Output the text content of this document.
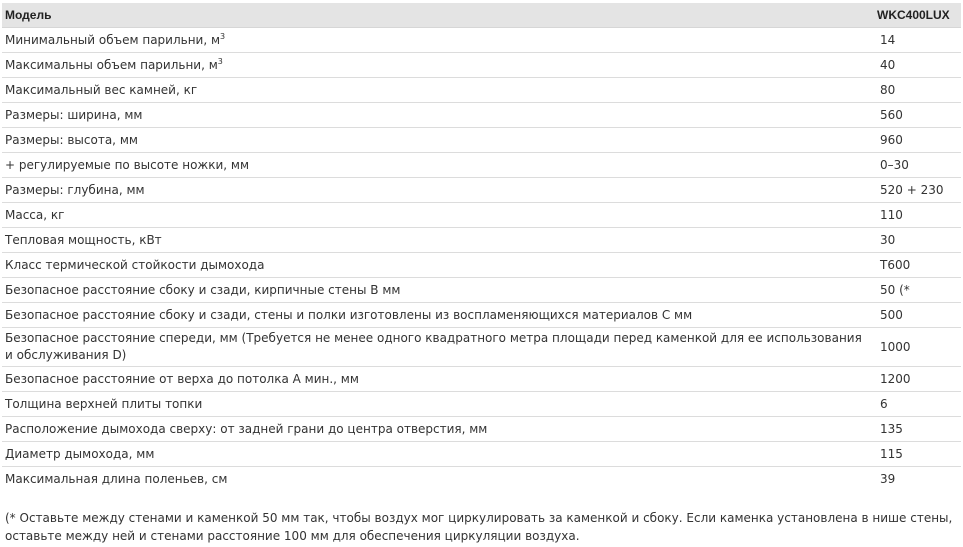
Модель	WKC400LUX
Минимальный объем парильни, $м^3$	14
Максимальны объем парильни, $м^3$	40
Максимальный вес камней, кг	80
Размеры: ширина, мм	560
Размеры: высота, мм	960
+ регулируемые по высоте ножки, мм	0–30
Размеры: глубина, мм	520 + 230
Масса, кг	110
Тепловая мощность, кВт	30
Класс термической стойкости дымохода	T600
Безопасное расстояние сбоку и сзади, кирпичные стены В мм	50 (*
Безопасное расстояние сбоку и сзади, стены и полки изготовлены из воспламеняющихся материалов С мм	500
Безопасное расстояние спереди, мм (Требуется не менее одного квадратного метра площади перед каменкой для ее использования и обслуживания D)	1000
Безопасное расстояние от верха до потолка А мин., мм	1200
Толщина верхней плиты топки	6
Расположение дымохода сверху: от задней грани до центра отверстия, мм	135
Диаметр дымохода, мм	115
Максимальная длина поленьев, см	39
(* Оставьте между стенами и каменкой 50 мм так, чтобы воздух мог циркулировать за каменкой и сбоку. Если каменка установлена в нише стены, оставьте между ней и стенами расстояние 100 мм для обеспечения циркуляции воздуха.
